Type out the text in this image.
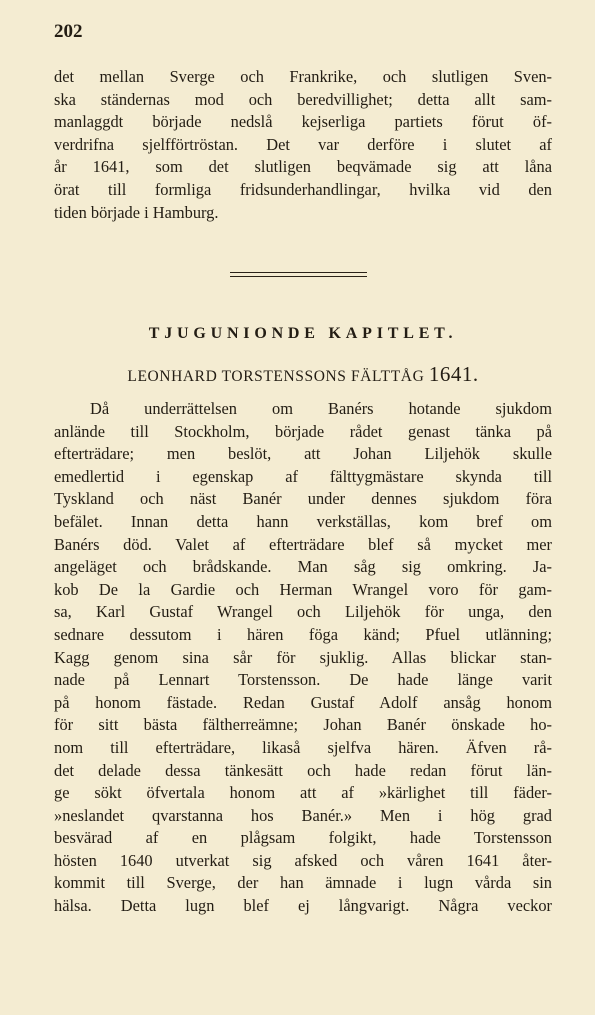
202
det mellan Sverge och Frankrike, och slutligen Sven-
ska ständernas mod och beredvillighet; detta allt sam-
manlaggdt började nedslå kejserliga partiets förut öf-
verdrifna sjelfförtröstan. Det var derföre i slutet af
år 1641, som det slutligen beqvämade sig att låna
örat till formliga fridsunderhandlingar, hvilka vid den
tiden började i Hamburg.
TJUGUNIONDE KAPITLET.
LEONHARD TORSTENSSONS FÄLTTÅG 1641.
Då underrättelsen om Banérs hotande sjukdom
anlände till Stockholm, började rådet genast tänka på
efterträdare; men beslöt, att Johan Liljehök skulle
emedlertid i egenskap af fälttygmästare skynda till
Tyskland och näst Banér under dennes sjukdom föra
befälet. Innan detta hann verkställas, kom bref om
Banérs död. Valet af efterträdare blef så mycket mer
angeläget och brådskande. Man såg sig omkring. Ja-
kob De la Gardie och Herman Wrangel voro för gam-
sa, Karl Gustaf Wrangel och Liljehök för unga, den
sednare dessutom i hären föga känd; Pfuel utlänning;
Kagg genom sina sår för sjuklig. Allas blickar stan-
nade på Lennart Torstensson. De hade länge varit
på honom fästade. Redan Gustaf Adolf ansåg honom
för sitt bästa fältherreämne; Johan Banér önskade ho-
nom till efterträdare, likaså sjelfva hären. Äfven rå-
det delade dessa tänkesätt och hade redan förut län-
ge sökt öfvertala honom att af »kärlighet till fäder-
»neslandet qvarstanna hos Banér.» Men i hög grad
besvärad af en plågsam folgikt, hade Torstensson
hösten 1640 utverkat sig afsked och våren 1641 åter-
kommit till Sverge, der han ämnade i lugn vårda sin
hälsa. Detta lugn blef ej långvarigt. Några veckor
